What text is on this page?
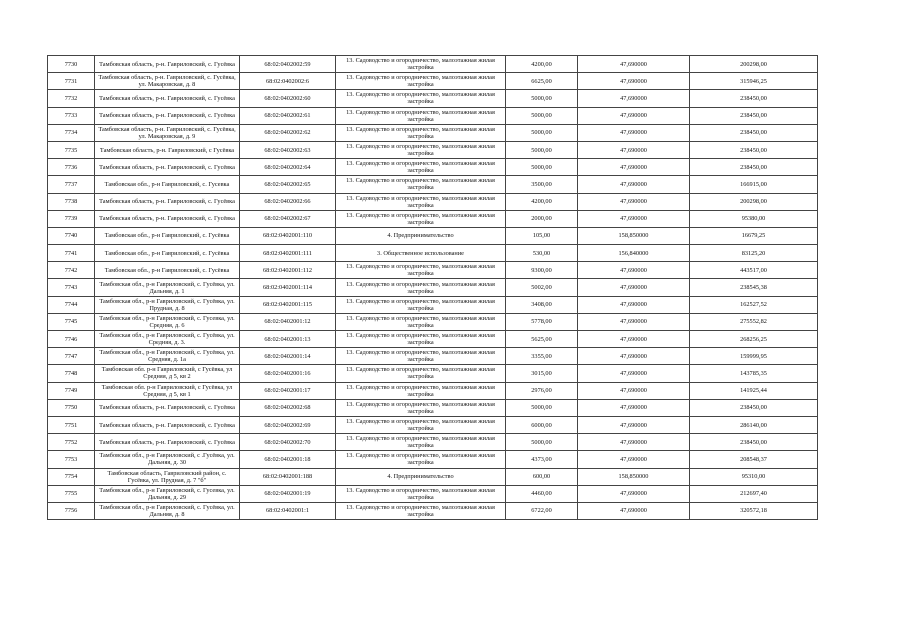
7730	Тамбовская область, р-н. Гавриловский, с. Гусёвка	68:02:0402002:59	13. Садоводство и огородничество, малоэтажная жилая застройка	4200,00	47,690000	200298,00
7731	Тамбовская область, р-н. Гавриловский, с. Гусёвка, ул. Макаровская, д. 8	68:02:0402002:6	13. Садоводство и огородничество, малоэтажная жилая застройка	6625,00	47,690000	315946,25
7732	Тамбовская область, р-н. Гавриловский, с. Гусёвка	68:02:0402002:60	13. Садоводство и огородничество, малоэтажная жилая застройка	5000,00	47,690000	238450,00
7733	Тамбовская область, р-н. Гавриловский, с. Гусёвка	68:02:0402002:61	13. Садоводство и огородничество, малоэтажная жилая застройка	5000,00	47,690000	238450,00
7734	Тамбовская область, р-н. Гавриловский, с. Гусёвка, ул. Макаровская, д. 9	68:02:0402002:62	13. Садоводство и огородничество, малоэтажная жилая застройка	5000,00	47,690000	238450,00
7735	Тамбовская область, р-н. Гавриловский, с Гусёвка	68:02:0402002:63	13. Садоводство и огородничество, малоэтажная жилая застройка	5000,00	47,690000	238450,00
7736	Тамбовская область, р-н. Гавриловский, с. Гусёвка	68:02:0402002:64	13. Садоводство и огородничество, малоэтажная жилая застройка	5000,00	47,690000	238450,00
7737	Тамбовская обл., р-н Гавриловский, с. Гусевка	68:02:0402002:65	13. Садоводство и огородничество, малоэтажная жилая застройка	3500,00	47,690000	166915,00
7738	Тамбовская область, р-н. Гавриловский, с. Гусёвка	68:02:0402002:66	13. Садоводство и огородничество, малоэтажная жилая застройка	4200,00	47,690000	200298,00
7739	Тамбовская область, р-н. Гавриловский, с. Гусёвка	68:02:0402002:67	13. Садоводство и огородничество, малоэтажная жилая застройка	2000,00	47,690000	95380,00
7740	Тамбовская обл., р-н Гавриловский, с. Гусёвка	68:02:0402001:110	4. Предпринимательство	105,00	158,850000	16679,25
7741	Тамбовская обл., р-н Гавриловский, с. Гусёвка	68:02:0402001:111	3. Общественное использование	530,00	156,840000	83125,20
7742	Тамбовская обл., р-н Гавриловский, с. Гусёвка	68:02:0402001:112	13. Садоводство и огородничество, малоэтажная жилая застройка	9300,00	47,690000	443517,00
7743	Тамбовская обл., р-н Гавриловский, с. Гусёвка, ул. Дальняя, д. 1	68:02:0402001:114	13. Садоводство и огородничество, малоэтажная жилая застройка	5002,00	47,690000	238545,38
7744	Тамбовская обл., р-н Гавриловский, с. Гусёвка, ул. Прудная, д. 8	68:02:0402001:115	13. Садоводство и огородничество, малоэтажная жилая застройка	3408,00	47,690000	162527,52
7745	Тамбовская обл., р-н Гавриловский, с. Гусевка, ул. Средняя, д. 6	68:02:0402001:12	13. Садоводство и огородничество, малоэтажная жилая застройка	5778,00	47,690000	275552,82
7746	Тамбовская обл., р-н Гавриловский, с. Гусёвка, ул. Средняя, д. 3.	68:02:0402001:13	13. Садоводство и огородничество, малоэтажная жилая застройка	5625,00	47,690000	268256,25
7747	Тамбовская обл., р-н Гавриловский, с. Гусёвка, ул. Средняя, д. 1а	68:02:0402001:14	13. Садоводство и огородничество, малоэтажная жилая застройка	3355,00	47,690000	159999,95
7748	Тамбовская обл. р-н Гавриловский, с Гусёвка, ул Средняя, д 5, кв 2	68:02:0402001:16	13. Садоводство и огородничество, малоэтажная жилая застройка	3015,00	47,690000	143785,35
7749	Тамбовская обл. р-н Гавриловский, с Гусёвка, ул Средняя, д 5, кв 1	68:02:0402001:17	13. Садоводство и огородничество, малоэтажная жилая застройка	2976,00	47,690000	141925,44
7750	Тамбовская область, р-н. Гавриловский, с. Гусёвка	68:02:0402002:68	13. Садоводство и огородничество, малоэтажная жилая застройка	5000,00	47,690000	238450,00
7751	Тамбовская область, р-н. Гавриловский, с. Гусёвка	68:02:0402002:69	13. Садоводство и огородничество, малоэтажная жилая застройка	6000,00	47,690000	286140,00
7752	Тамбовская область, р-н. Гавриловский, с. Гусёвка	68:02:0402002:70	13. Садоводство и огородничество, малоэтажная жилая застройка	5000,00	47,690000	238450,00
7753	Тамбовская обл., р-н Гавриловский, с .Гусёвка, ул. Дальняя, д. 30	68:02:0402001:18	13. Садоводство и огородничество, малоэтажная жилая застройка	4373,00	47,690000	208548,37
7754	Тамбовская область, Гавриловский район, с. Гусёвка, ул. Прудная, д. 7 "б"	68:02:0402001:188	4. Предпринимательство	600,00	158,850000	95310,00
7755	Тамбовская обл., р-н Гавриловский, с. Гусевка, ул. Дальняя, д. 29	68:02:0402001:19	13. Садоводство и огородничество, малоэтажная жилая застройка	4460,00	47,690000	212697,40
7756	Тамбовская обл., р-н Гавриловский, с. Гусёвка, ул. Дальняя, д. 8	68:02:0402001:1	13. Садоводство и огородничество, малоэтажная жилая застройка	6722,00	47,690000	320572,18
